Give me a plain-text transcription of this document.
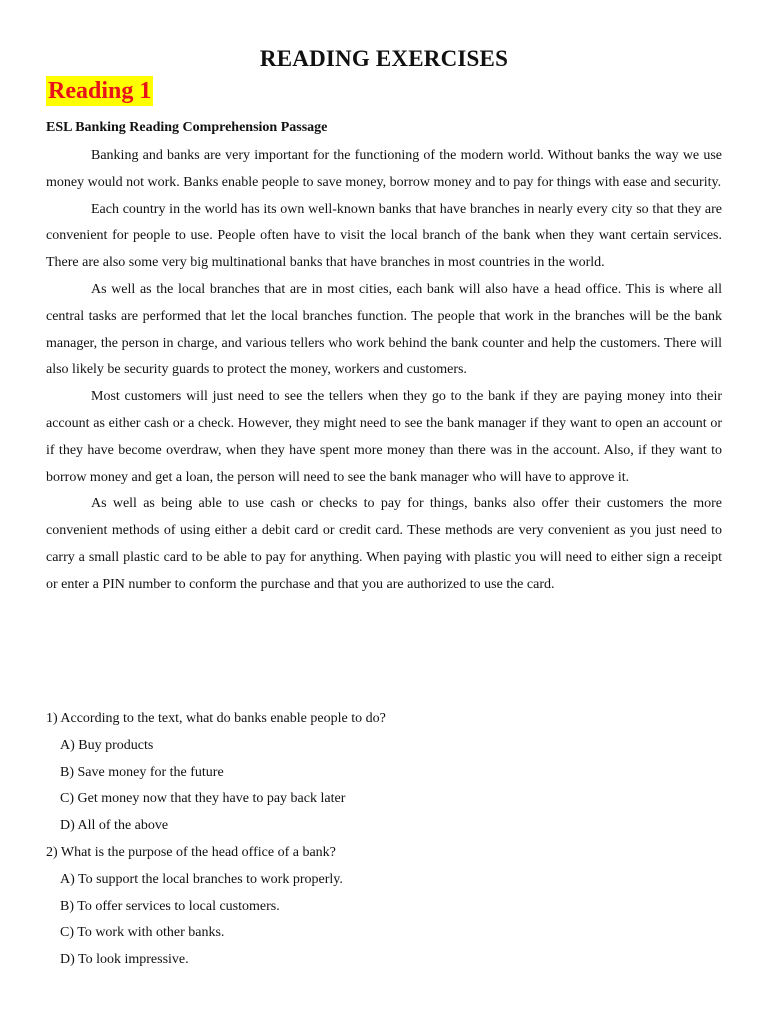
READING EXERCISES
Reading 1
ESL Banking Reading Comprehension Passage

Banking and banks are very important for the functioning of the modern world. Without banks the way we use money would not work. Banks enable people to save money, borrow money and to pay for things with ease and security.

Each country in the world has its own well-known banks that have branches in nearly every city so that they are convenient for people to use. People often have to visit the local branch of the bank when they want certain services. There are also some very big multinational banks that have branches in most countries in the world.

As well as the local branches that are in most cities, each bank will also have a head office. This is where all central tasks are performed that let the local branches function. The people that work in the branches will be the bank manager, the person in charge, and various tellers who work behind the bank counter and help the customers. There will also likely be security guards to protect the money, workers and customers.

Most customers will just need to see the tellers when they go to the bank if they are paying money into their account as either cash or a check. However, they might need to see the bank manager if they want to open an account or if they have become overdraw, when they have spent more money than there was in the account. Also, if they want to borrow money and get a loan, the person will need to see the bank manager who will have to approve it.

As well as being able to use cash or checks to pay for things, banks also offer their customers the more convenient methods of using either a debit card or credit card. These methods are very convenient as you just need to carry a small plastic card to be able to pay for anything. When paying with plastic you will need to either sign a receipt or enter a PIN number to conform the purchase and that you are authorized to use the card.

1) According to the text, what do banks enable people to do?

A) Buy products

B) Save money for the future

C) Get money now that they have to pay back later

D) All of the above

2) What is the purpose of the head office of a bank?

A) To support the local branches to work properly.

B) To offer services to local customers.

C) To work with other banks.

D) To look impressive.
